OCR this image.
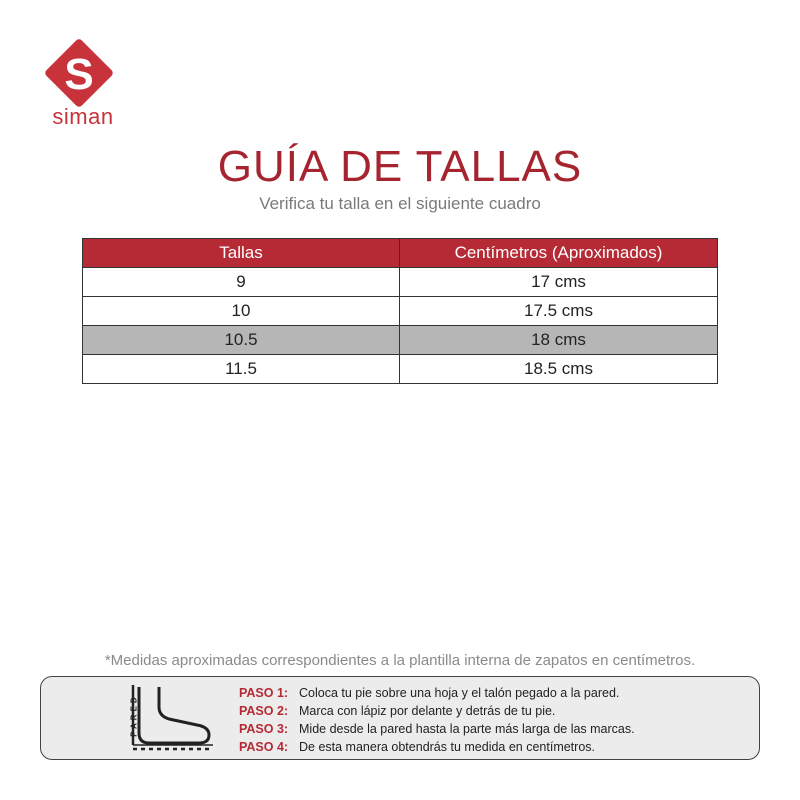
S
siman
GUÍA DE TALLAS
Verifica tu talla en el siguiente cuadro
Tallas	Centímetros (Aproximados)
9	17 cms
10	17.5 cms
10.5	18 cms
11.5	18.5 cms
*Medidas aproximadas correspondientes a la plantilla interna de zapatos en centímetros.
PARED
PASO 1: Coloca tu pie sobre una hoja y el talón pegado a la pared.
PASO 2: Marca con lápiz por delante y detrás de tu pie.
PASO 3: Mide desde la pared hasta la parte más larga de las marcas.
PASO 4: De esta manera obtendrás tu medida en centímetros.
